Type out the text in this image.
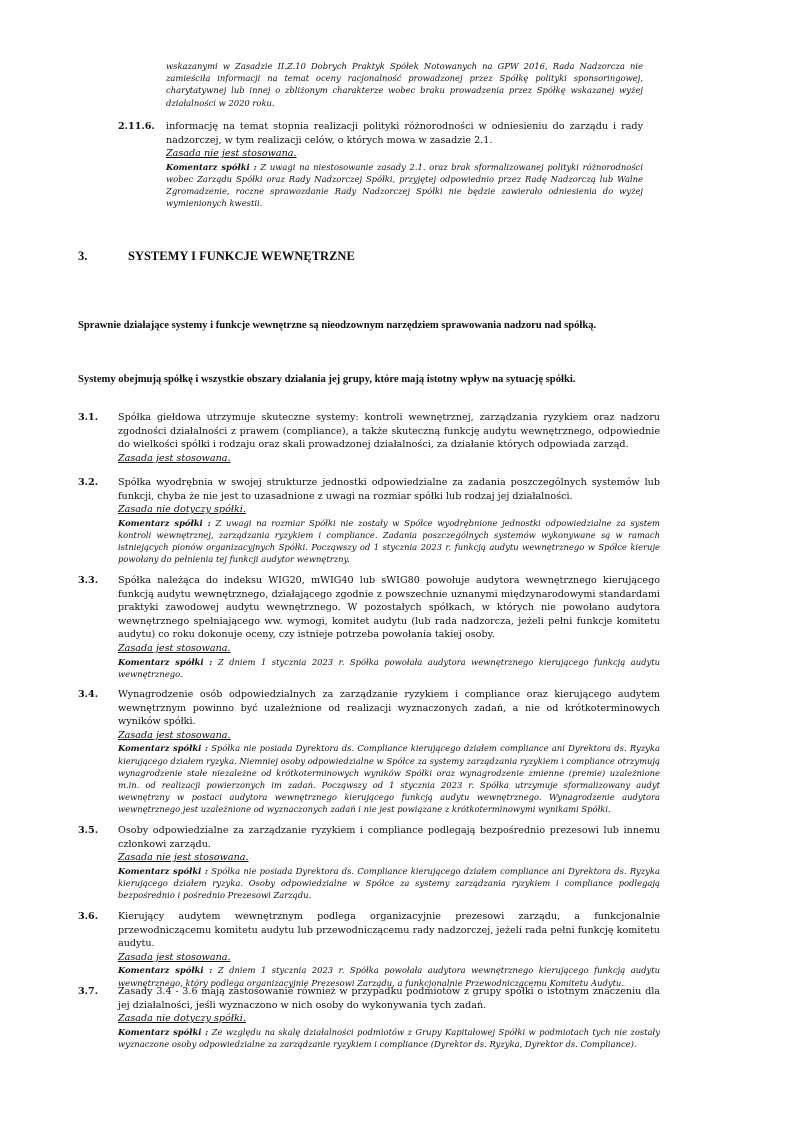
wskazanymi w Zasadzie II.Z.10 Dobrych Praktyk Spółek Notowanych na GPW 2016, Rada Nadzorcza nie zamieściła informacji na temat oceny racjonalność prowadzonej przez Spółkę polityki sponsoringowej, charytatywnej lub innej o zbliżonym charakterze wobec braku prowadzenia przez Spółkę wskazanej wyżej działalności w 2020 roku.
2.11.6. informację na temat stopnia realizacji polityki różnorodności w odniesieniu do zarządu i rady nadzorczej, w tym realizacji celów, o których mowa w zasadzie 2.1.
Zasada nie jest stosowana.
Komentarz spółki : Z uwagi na niestosowanie zasady 2.1. oraz brak sformalizowanej polityki różnorodności wobec Zarządu Spółki oraz Rady Nadzorczej Spółki, przyjętej odpowiednio przez Radę Nadzorczą lub Walne Zgromadzenie, roczne sprawozdanie Rady Nadzorczej Spółki nie będzie zawierało odniesienia do wyżej wymienionych kwestii.
3.	SYSTEMY I FUNKCJE WEWNĘTRZNE
Sprawnie działające systemy i funkcje wewnętrzne są nieodzownym narzędziem sprawowania nadzoru nad spółką.
Systemy obejmują spółkę i wszystkie obszary działania jej grupy, które mają istotny wpływ na sytuację spółki.
3.1. Spółka giełdowa utrzymuje skuteczne systemy: kontroli wewnętrznej, zarządzania ryzykiem oraz nadzoru zgodności działalności z prawem (compliance), a także skuteczną funkcję audytu wewnętrznego, odpowiednie do wielkości spółki i rodzaju oraz skali prowadzonej działalności, za działanie których odpowiada zarząd.
Zasada jest stosowana.
3.2. Spółka wyodrębnia w swojej strukturze jednostki odpowiedzialne za zadania poszczególnych systemów lub funkcji, chyba że nie jest to uzasadnione z uwagi na rozmiar spółki lub rodzaj jej działalności.
Zasada nie dotyczy spółki.
Komentarz spółki : Z uwagi na rozmiar Spółki nie zostały w Spółce wyodrębnione jednostki odpowiedzialne za system kontroli wewnętrznej, zarządzania ryzykiem i compliance. Zadania poszczególnych systemów wykonywane są w ramach istniejących pionów organizacyjnych Spółki. Począwszy od 1 stycznia 2023 r. funkcją audytu wewnętrznego w Spółce kieruje powołany do pełnienia tej funkcji audytor wewnętrzny.
3.3. Spółka należąca do indeksu WIG20, mWIG40 lub sWIG80 powołuje audytora wewnętrznego kierującego funkcją audytu wewnętrznego, działającego zgodnie z powszechnie uznanymi międzynarodowymi standardami praktyki zawodowej audytu wewnętrznego. W pozostałych spółkach, w których nie powołano audytora wewnętrznego spełniającego ww. wymogi, komitet audytu (lub rada nadzorcza, jeżeli pełni funkcje komitetu audytu) co roku dokonuje oceny, czy istnieje potrzeba powołania takiej osoby.
Zasada jest stosowana.
Komentarz spółki : Z dniem 1 stycznia 2023 r. Spółka powołała audytora wewnętrznego kierującego funkcją audytu wewnętrznego.
3.4. Wynagrodzenie osób odpowiedzialnych za zarządzanie ryzykiem i compliance oraz kierującego audytem wewnętrznym powinno być uzależnione od realizacji wyznaczonych zadań, a nie od krótkoterminowych wyników spółki.
Zasada jest stosowana.
Komentarz spółki : Spółka nie posiada Dyrektora ds. Compliance kierującego działem compliance ani Dyrektora ds. Ryzyka kierującego działem ryzyka. Niemniej osoby odpowiedzialne w Spółce za systemy zarządzania ryzykiem i compliance otrzymują wynagrodzenie stałe niezależne od krótkoterminowych wyników Spółki oraz wynagrodzenie zmienne (premie) uzależnione m.in. od realizacji powierzonych im zadań. Począwszy od 1 stycznia 2023 r. Spółka utrzymuje sformalizowany audyt wewnętrzny w postaci audytora wewnętrznego kierującego funkcją audytu wewnętrznego. Wynagrodzenie audytora wewnętrznego jest uzależnione od wyznaczonych zadań i nie jest powiązane z krótkoterminowymi wynikami Spółki.
3.5. Osoby odpowiedzialne za zarządzanie ryzykiem i compliance podlegają bezpośrednio prezesowi lub innemu członkowi zarządu.
Zasada nie jest stosowana.
Komentarz spółki : Spółka nie posiada Dyrektora ds. Compliance kierującego działem compliance ani Dyrektora ds. Ryzyka kierującego działem ryzyka. Osoby odpowiedzialne w Spółce za systemy zarządzania ryzykiem i compliance podlegają bezpośrednio i pośrednio Prezesowi Zarządu.
3.6. Kierujący audytem wewnętrznym podlega organizacyjnie prezesowi zarządu, a funkcjonalnie przewodniczącemu komitetu audytu lub przewodniczącemu rady nadzorczej, jeżeli rada pełni funkcję komitetu audytu.
Zasada jest stosowana.
Komentarz spółki : Z dniem 1 stycznia 2023 r. Spółka powołała audytora wewnętrznego kierującego funkcją audytu wewnętrznego, który podlega organizacyjnie Prezesowi Zarządu, a funkcjonalnie Przewodniczącemu Komitetu Audytu.
3.7. Zasady 3.4 - 3.6 mają zastosowanie również w przypadku podmiotów z grupy spółki o istotnym znaczeniu dla jej działalności, jeśli wyznaczono w nich osoby do wykonywania tych zadań.
Zasada nie dotyczy spółki.
Komentarz spółki : Ze względu na skalę działalności podmiotów z Grupy Kapitałowej Spółki w podmiotach tych nie zostały wyznaczone osoby odpowiedzialne za zarządzanie ryzykiem i compliance (Dyrektor ds. Ryzyka, Dyrektor ds. Compliance).
